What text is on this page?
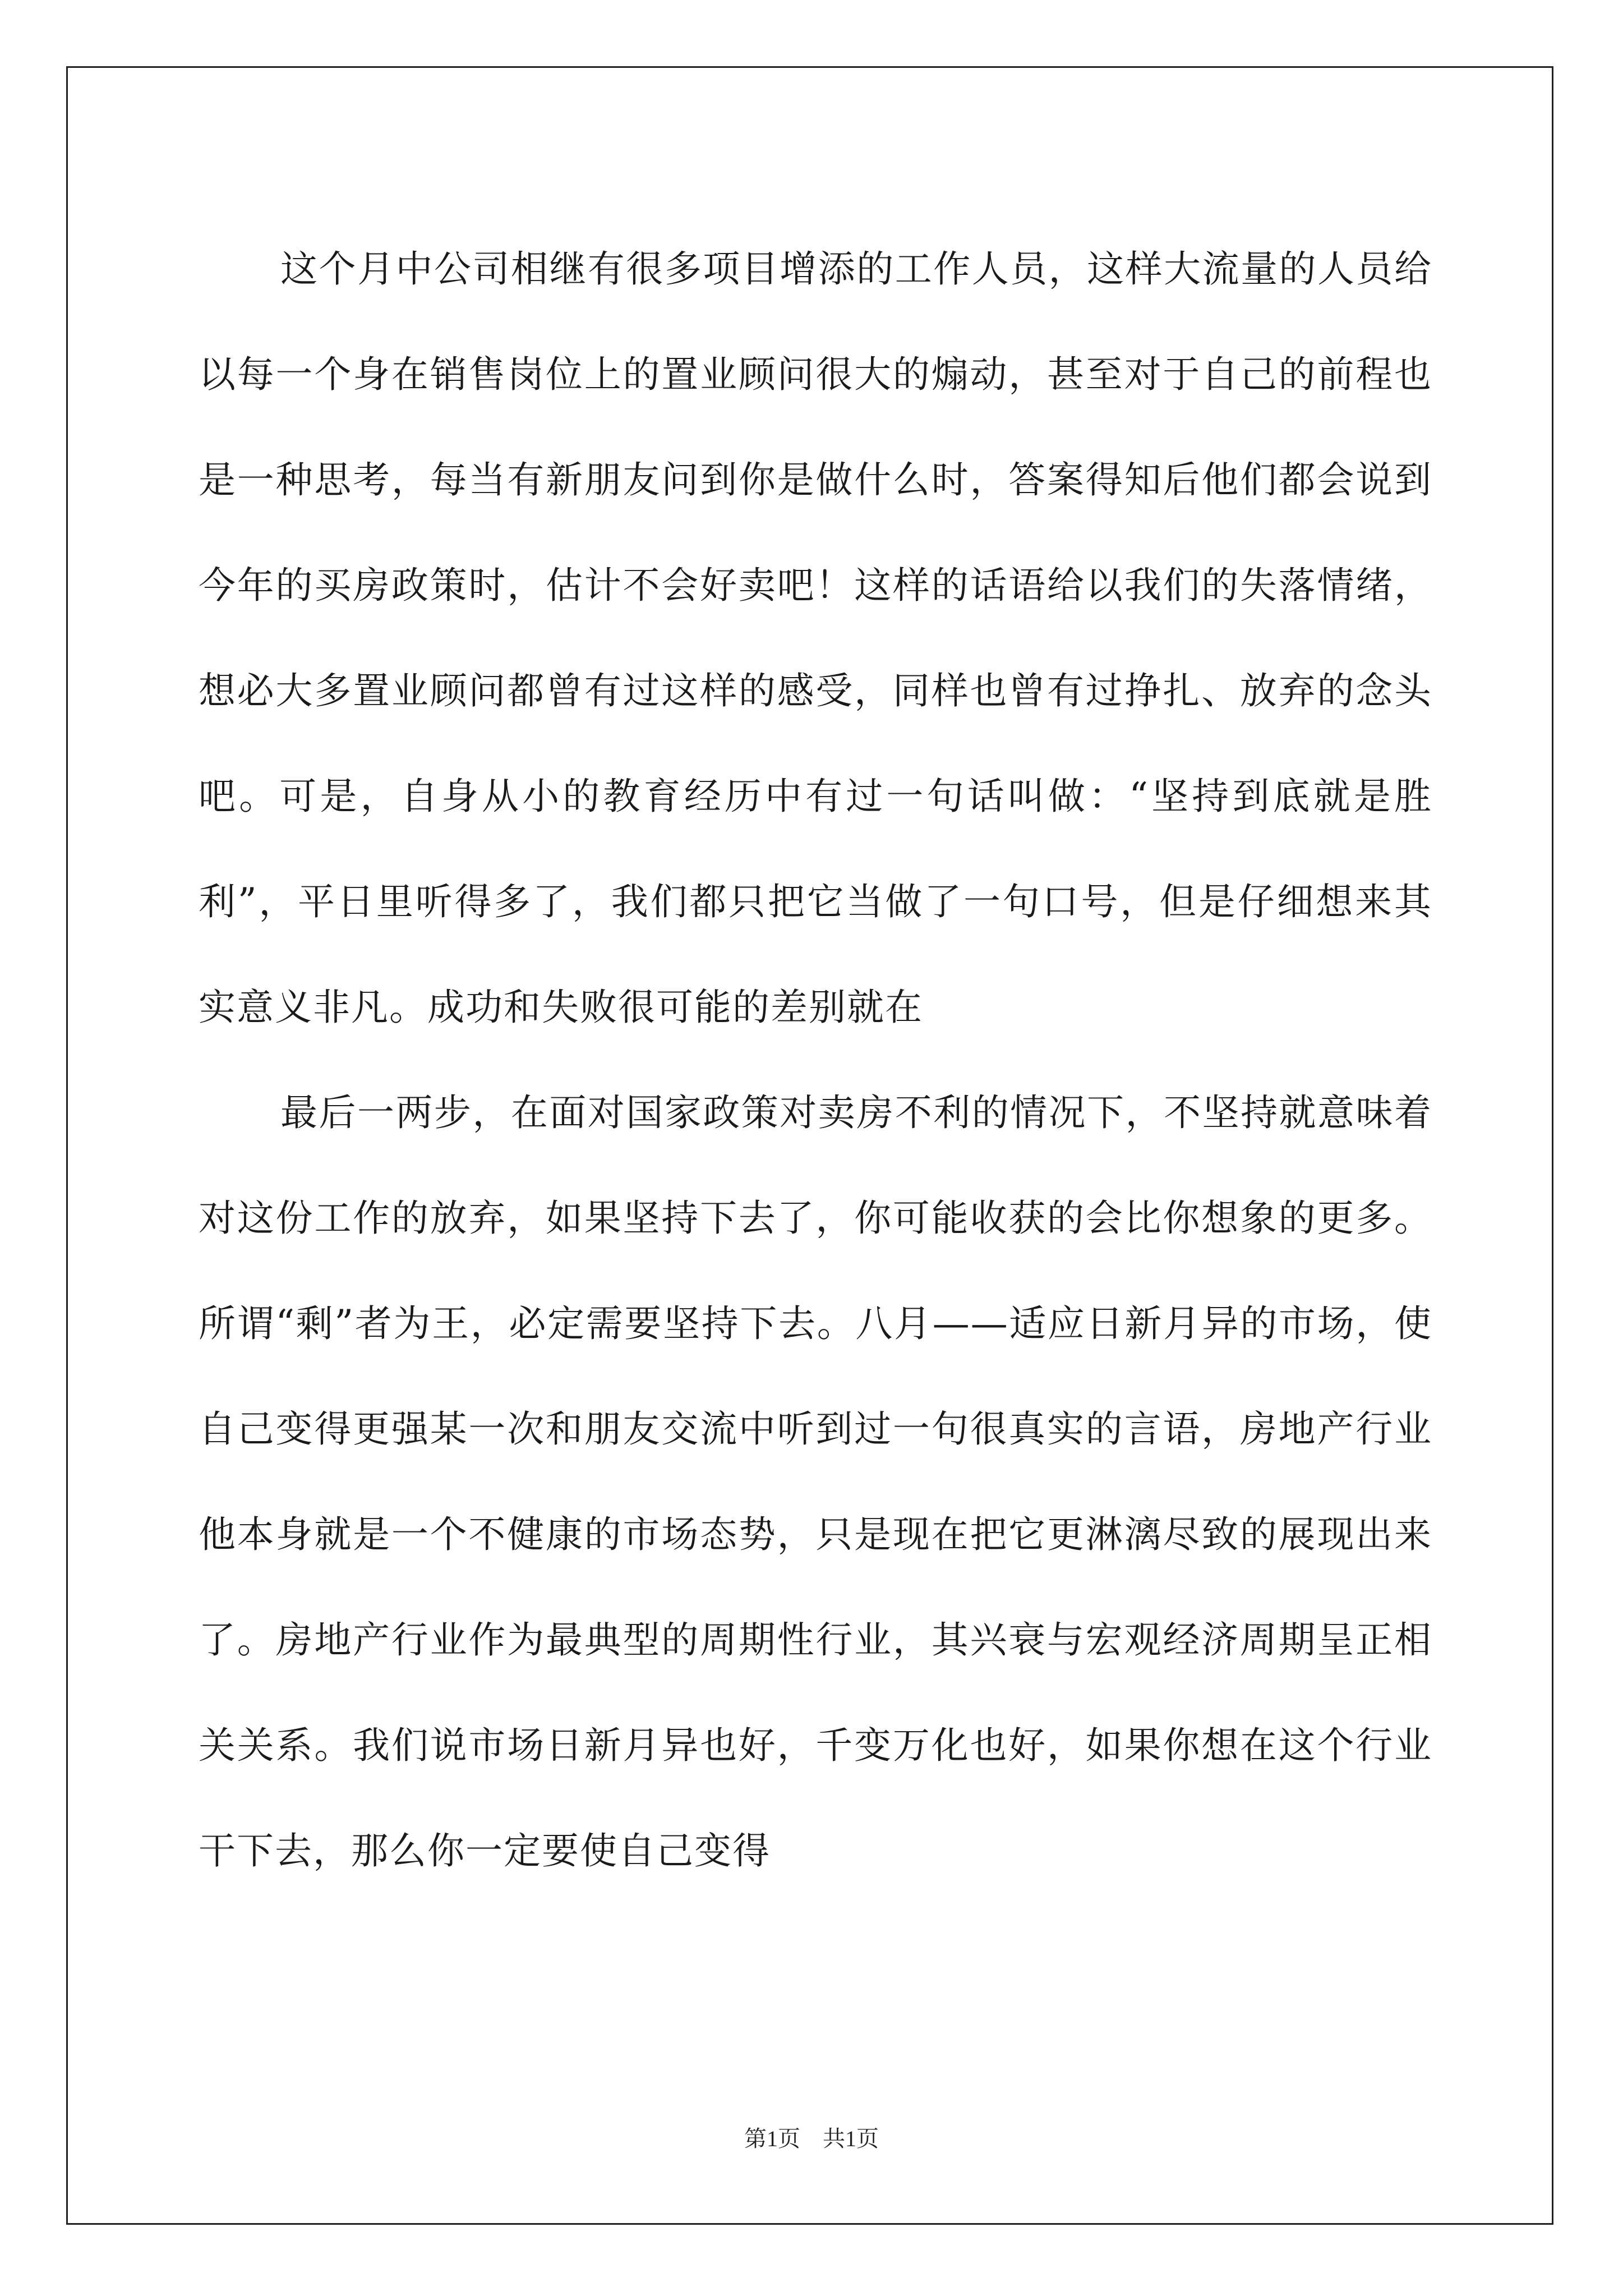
这个月中公司相继有很多项目增添的工作人员，这样大流量的人员给以每一个身在销售岗位上的置业顾问很大的煽动，甚至对于自己的前程也是一种思考，每当有新朋友问到你是做什么时，答案得知后他们都会说到今年的买房政策时，估计不会好卖吧！这样的话语给以我们的失落情绪，想必大多置业顾问都曾有过这样的感受，同样也曾有过挣扎、放弃的念头吧。可是，自身从小的教育经历中有过一句话叫做：“坚持到底就是胜利”，平日里听得多了，我们都只把它当做了一句口号，但是仔细想来其实意义非凡。成功和失败很可能的差别就在

最后一两步，在面对国家政策对卖房不利的情况下，不坚持就意味着对这份工作的放弃，如果坚持下去了，你可能收获的会比你想象的更多。所谓“剩”者为王，必定需要坚持下去。八月——适应日新月异的市场，使自己变得更强某一次和朋友交流中听到过一句很真实的言语，房地产行业他本身就是一个不健康的市场态势，只是现在把它更淋漓尽致的展现出来了。房地产行业作为最典型的周期性行业，其兴衰与宏观经济周期呈正相关关系。我们说市场日新月异也好，千变万化也好，如果你想在这个行业干下去，那么你一定要使自己变得

第1页　共1页
